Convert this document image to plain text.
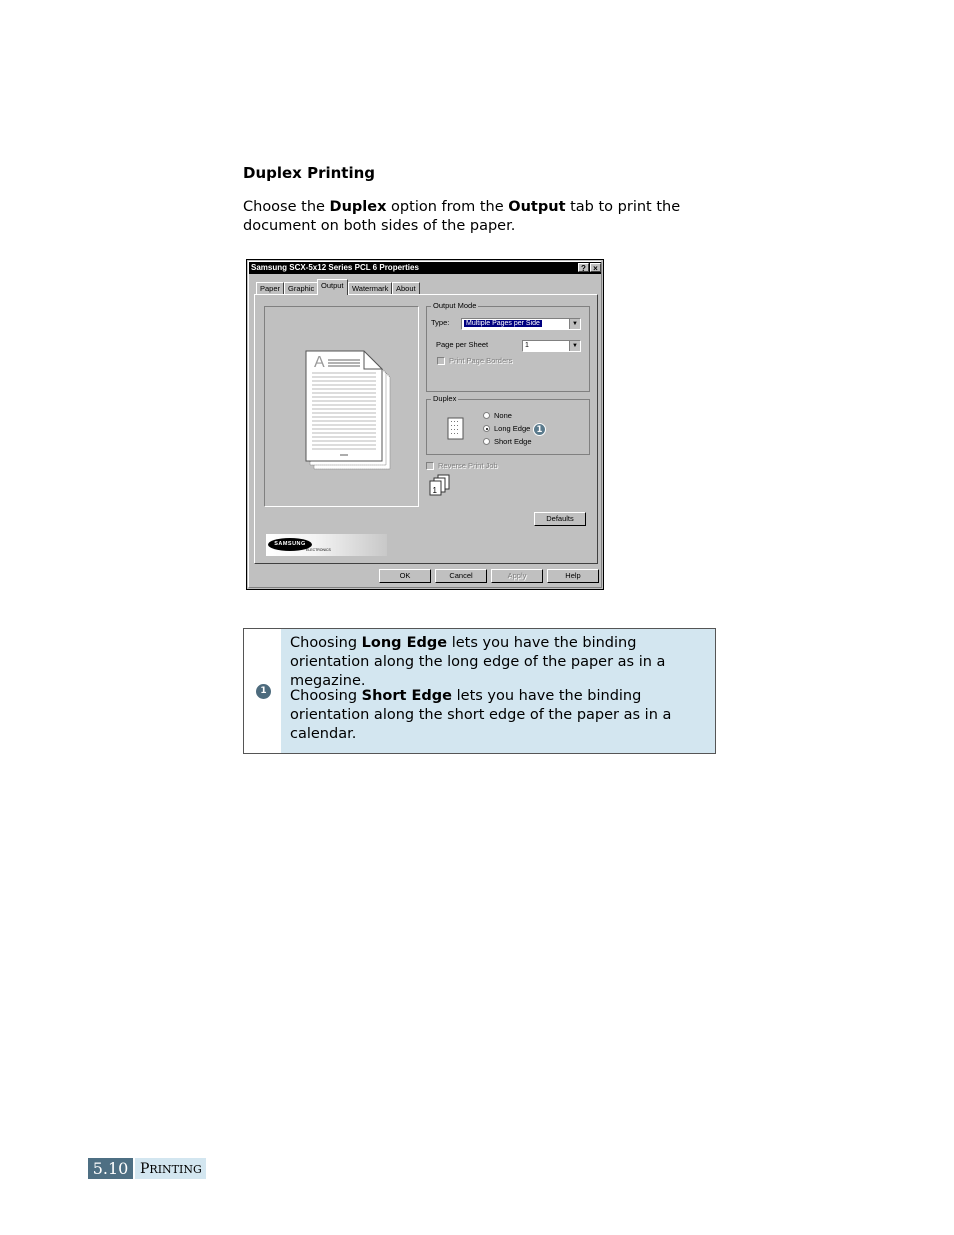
Duplex Printing
Choose the Duplex option from the Output tab to print the document on both sides of the paper.
Samsung SCX-5x12 Series PCL 6 Properties	? ×
Paper	Graphic Output	Watermark	About
A
Output Mode
Type:	Multiple Pages per Side	▼
Page per Sheet	1	▼
Print Page Borders
Duplex
None
Long Edge
Short Edge
1
Reverse Print Job
1
Defaults
SAMSUNG
ELECTRONICS
OK	Cancel	Apply	Help
1

Choosing Long Edge lets you have the binding orientation along the long edge of the paper as in a megazine.

Choosing Short Edge lets you have the binding orientation along the short edge of the paper as in a calendar.

5.10 PRINTING
